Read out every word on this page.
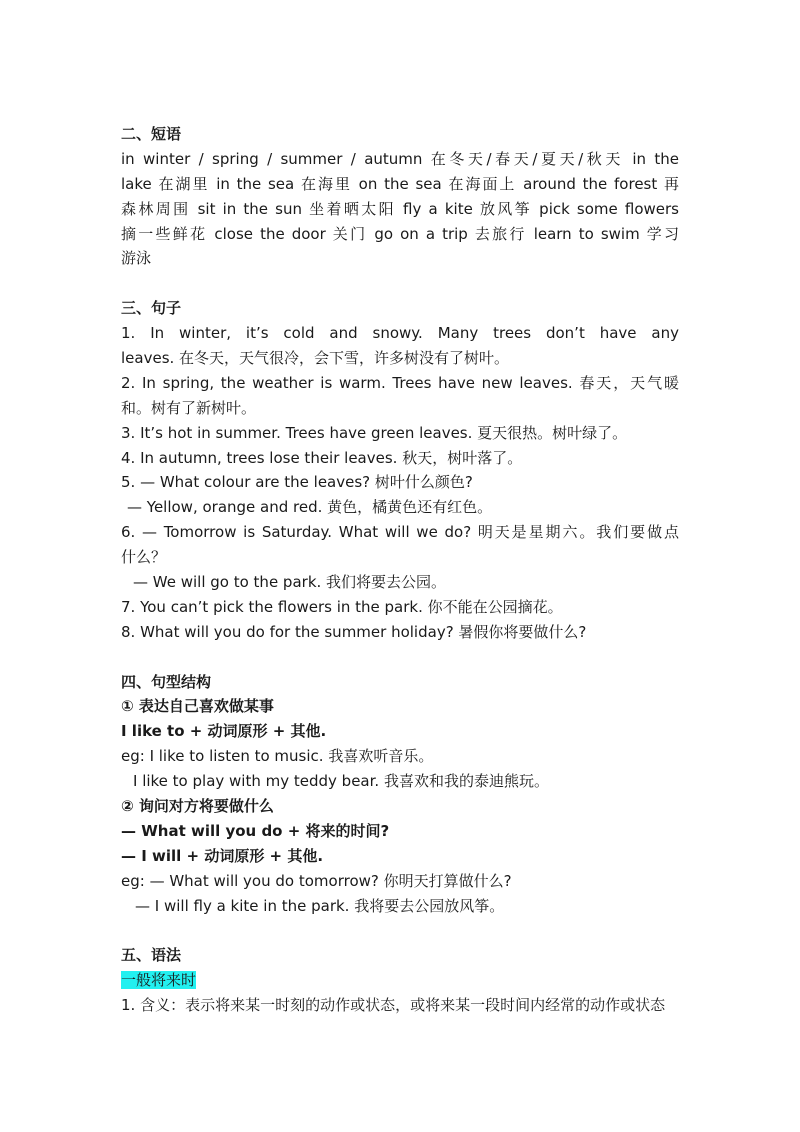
二、短语
in winter / spring / summer / autumn 在冬天/春天/夏天/秋天 in the
lake 在湖里 in the sea 在海里 on the sea 在海面上 around the forest 再
森林周围 sit in the sun 坐着晒太阳 fly a kite 放风筝 pick some flowers
摘一些鲜花 close the door 关门 go on a trip 去旅行 learn to swim 学习
游泳
三、句子
1. In winter, it’s cold and snowy. Many trees don’t have any
leaves. 在冬天，天气很冷，会下雪，许多树没有了树叶。
2. In spring, the weather is warm. Trees have new leaves. 春天，天气暖
和。树有了新树叶。
3. It’s hot in summer. Trees have green leaves. 夏天很热。树叶绿了。
4. In autumn, trees lose their leaves. 秋天，树叶落了。
5. — What colour are the leaves? 树叶什么颜色?
— Yellow, orange and red. 黄色，橘黄色还有红色。
6. — Tomorrow is Saturday. What will we do? 明天是星期六。我们要做点
什么？
— We will go to the park. 我们将要去公园。
7. You can’t pick the flowers in the park. 你不能在公园摘花。
8. What will you do for the summer holiday? 暑假你将要做什么?
四、句型结构
① 表达自己喜欢做某事
I like to + 动词原形 + 其他.
eg: I like to listen to music. 我喜欢听音乐。
I like to play with my teddy bear. 我喜欢和我的泰迪熊玩。
② 询问对方将要做什么
— What will you do + 将来的时间?
— I will + 动词原形 + 其他.
eg: — What will you do tomorrow? 你明天打算做什么?
— I will fly a kite in the park. 我将要去公园放风筝。
五、语法
一般将来时
1. 含义：表示将来某一时刻的动作或状态，或将来某一段时间内经常的动作或状态
